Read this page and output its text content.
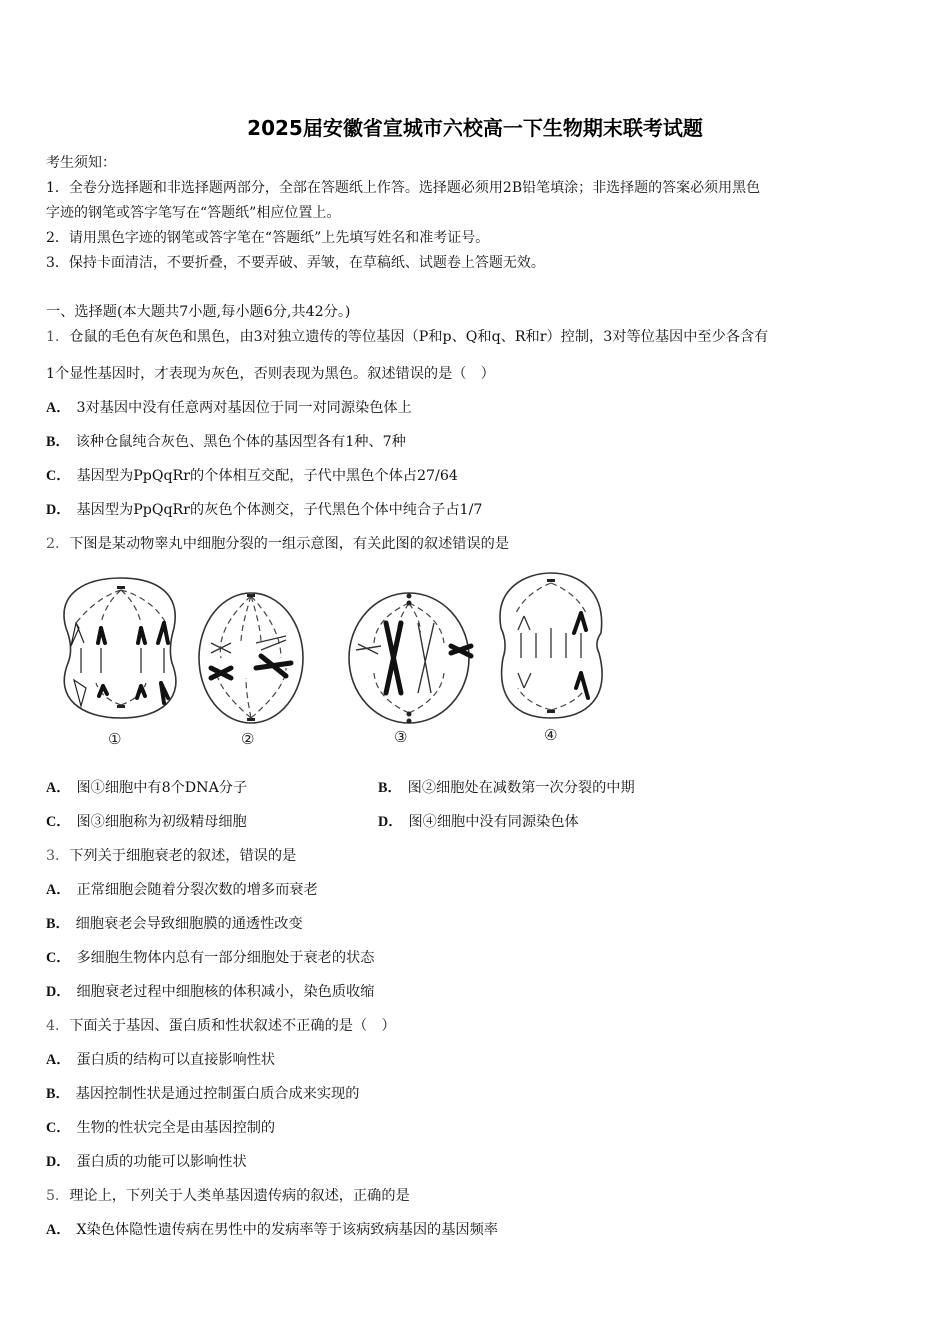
2025届安徽省宣城市六校高一下生物期末联考试题
考生须知：
1．全卷分选择题和非选择题两部分，全部在答题纸上作答。选择题必须用2B铅笔填涂；非选择题的答案必须用黑色
字迹的钢笔或答字笔写在“答题纸”相应位置上。
2．请用黑色字迹的钢笔或答字笔在“答题纸”上先填写姓名和准考证号。
3．保持卡面清洁，不要折叠，不要弄破、弄皱，在草稿纸、试题卷上答题无效。
一、选择题(本大题共7小题,每小题6分,共42分。)
1．仓鼠的毛色有灰色和黑色，由3对独立遗传的等位基因（P和p、Q和q、R和r）控制，3对等位基因中至少各含有
1个显性基因时，才表现为灰色，否则表现为黑色。叙述错误的是（　）
A． 3对基因中没有任意两对基因位于同一对同源染色体上
B． 该种仓鼠纯合灰色、黑色个体的基因型各有1种、7种
C． 基因型为PpQqRr的个体相互交配，子代中黑色个体占27/64
D． 基因型为PpQqRr的灰色个体测交，子代黑色个体中纯合子占1/7
2．下图是某动物睾丸中细胞分裂的一组示意图，有关此图的叙述错误的是
①	②	③	④
A． 图①细胞中有8个DNA分子	B． 图②细胞处在减数第一次分裂的中期
C． 图③细胞称为初级精母细胞	D． 图④细胞中没有同源染色体
3．下列关于细胞衰老的叙述，错误的是
A． 正常细胞会随着分裂次数的增多而衰老
B． 细胞衰老会导致细胞膜的通透性改变
C． 多细胞生物体内总有一部分细胞处于衰老的状态
D． 细胞衰老过程中细胞核的体积减小，染色质收缩
4．下面关于基因、蛋白质和性状叙述不正确的是（　）
A． 蛋白质的结构可以直接影响性状
B． 基因控制性状是通过控制蛋白质合成来实现的
C． 生物的性状完全是由基因控制的
D． 蛋白质的功能可以影响性状
5．理论上，下列关于人类单基因遗传病的叙述，正确的是
A． X染色体隐性遗传病在男性中的发病率等于该病致病基因的基因频率
